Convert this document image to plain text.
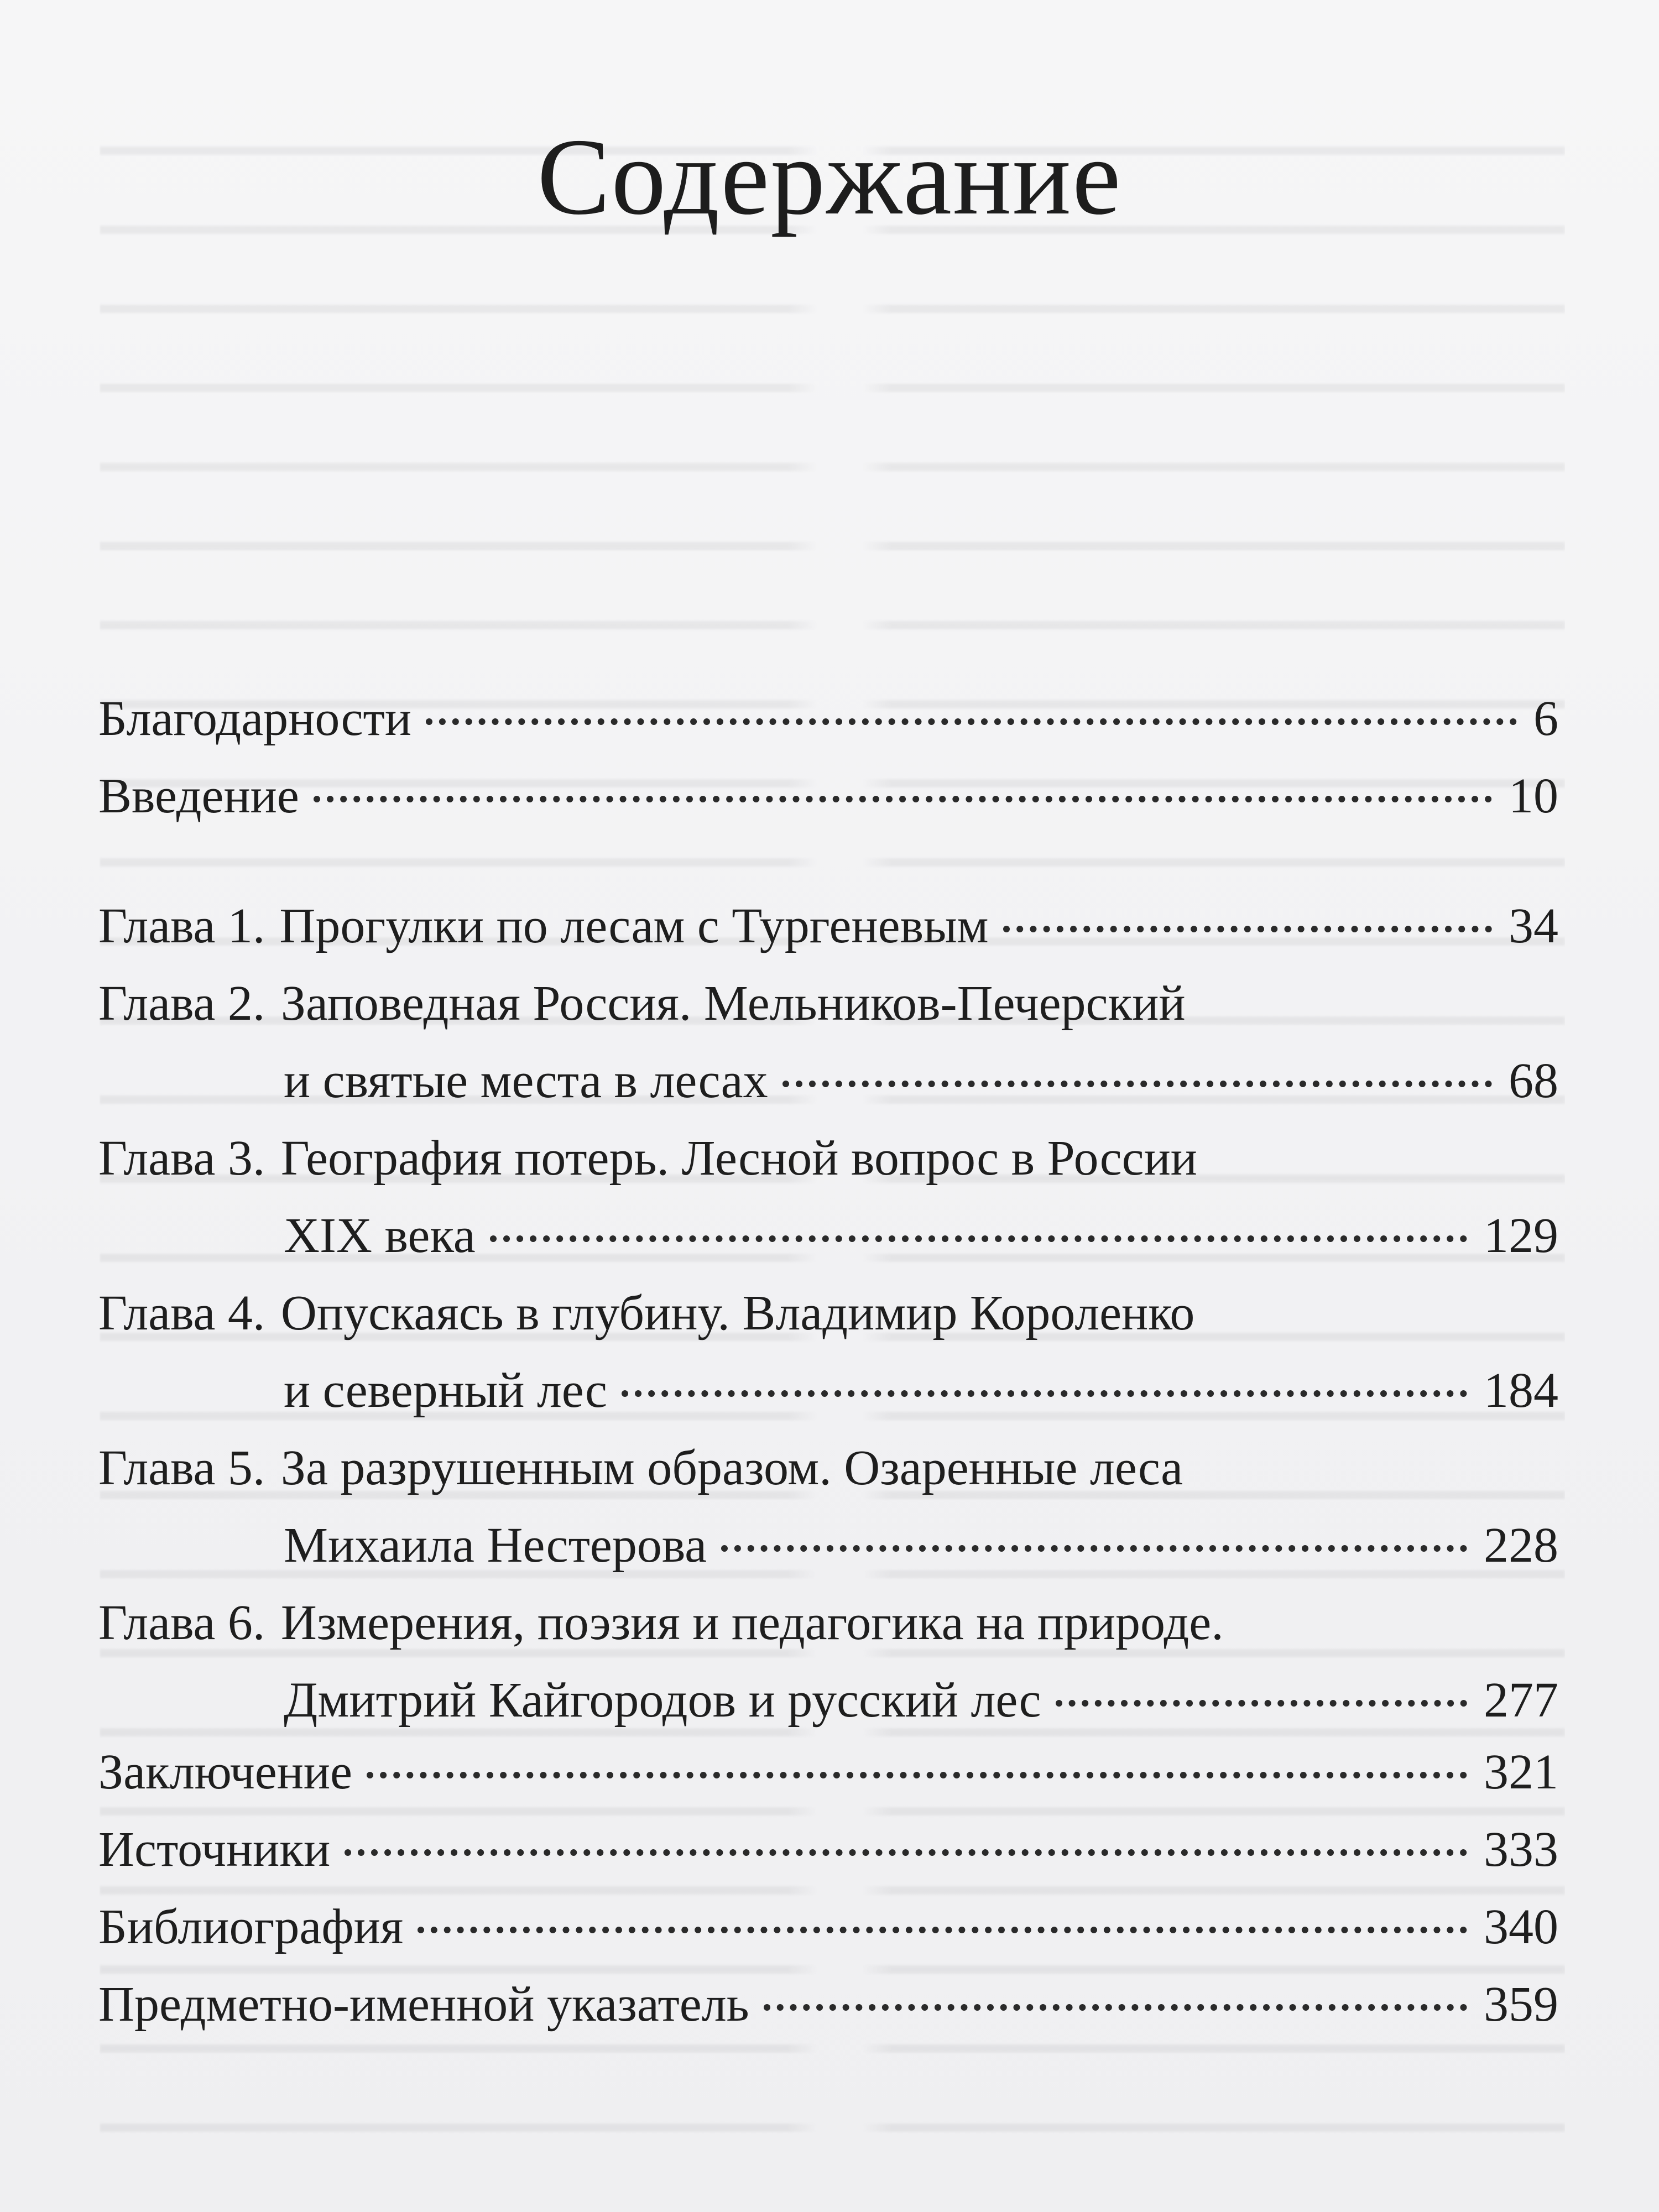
Содержание
Благодарности	6
Введение	10
Глава 1. Прогулки по лесам с Тургеневым	34
Глава 2. Заповедная Россия. Мельников-Печерский
и святые места в лесах	68
Глава 3. География потерь. Лесной вопрос в России
XIX века	129
Глава 4. Опускаясь в глубину. Владимир Короленко
и северный лес	184
Глава 5. За разрушенным образом. Озаренные леса
Михаила Нестерова	228
Глава 6. Измерения, поэзия и педагогика на природе.
Дмитрий Кайгородов и русский лес	277
Заключение	321
Источники	333
Библиография	340
Предметно-именной указатель	359
